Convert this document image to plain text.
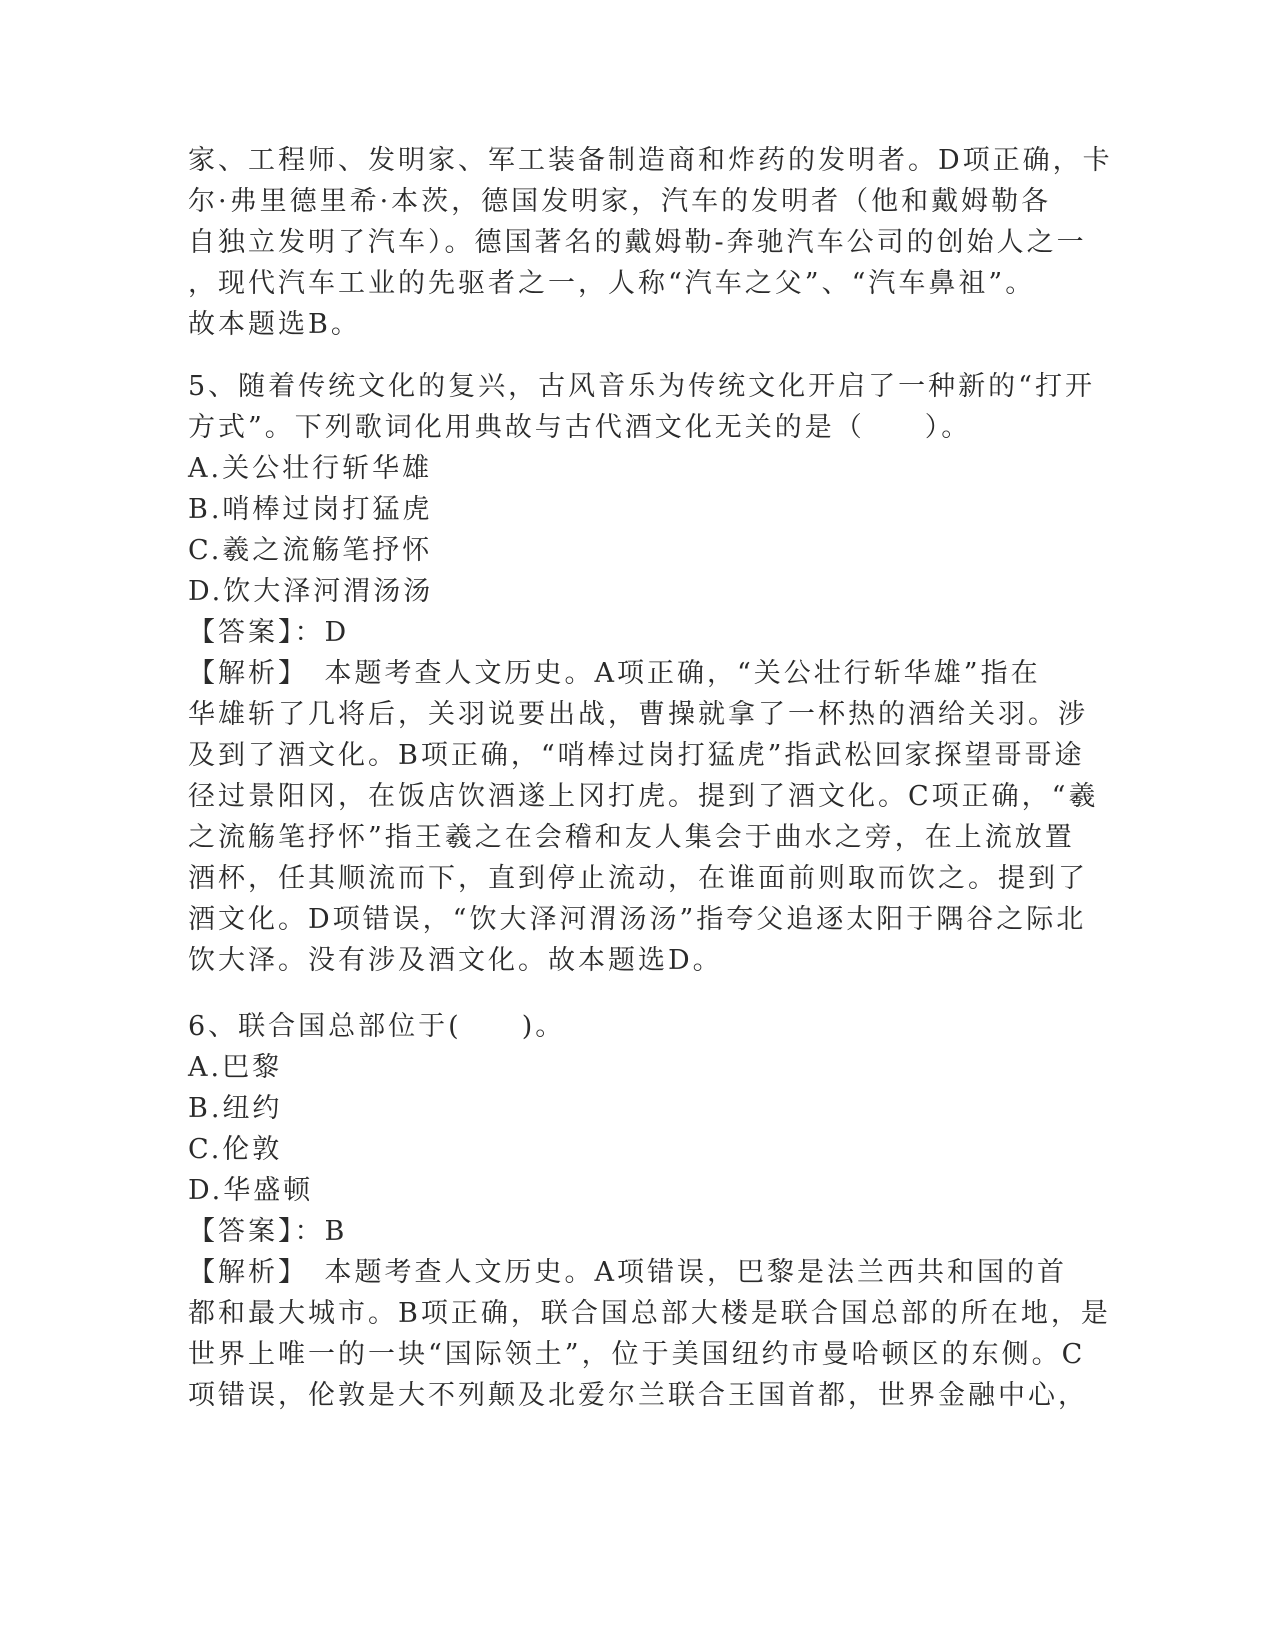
家、工程师、发明家、军工装备制造商和炸药的发明者。D项正确，卡
尔·弗里德里希·本茨，德国发明家，汽车的发明者（他和戴姆勒各
自独立发明了汽车）。德国著名的戴姆勒-奔驰汽车公司的创始人之一
，现代汽车工业的先驱者之一，人称“汽车之父”、“汽车鼻祖”。
故本题选B。
5、随着传统文化的复兴，古风音乐为传统文化开启了一种新的“打开
方式”。下列歌词化用典故与古代酒文化无关的是（　　）。
A.关公壮行斩华雄
B.哨棒过岗打猛虎
C.羲之流觞笔抒怀
D.饮大泽河渭汤汤
【答案】：D
【解析】　本题考查人文历史。A项正确，“关公壮行斩华雄”指在
华雄斩了几将后，关羽说要出战，曹操就拿了一杯热的酒给关羽。涉
及到了酒文化。B项正确，“哨棒过岗打猛虎”指武松回家探望哥哥途
径过景阳冈，在饭店饮酒遂上冈打虎。提到了酒文化。C项正确，“羲
之流觞笔抒怀”指王羲之在会稽和友人集会于曲水之旁，在上流放置
酒杯，任其顺流而下，直到停止流动，在谁面前则取而饮之。提到了
酒文化。D项错误，“饮大泽河渭汤汤”指夸父追逐太阳于隅谷之际北
饮大泽。没有涉及酒文化。故本题选D。
6、联合国总部位于(　　)。
A.巴黎
B.纽约
C.伦敦
D.华盛顿
【答案】：B
【解析】　本题考查人文历史。A项错误，巴黎是法兰西共和国的首
都和最大城市。B项正确，联合国总部大楼是联合国总部的所在地，是
世界上唯一的一块“国际领土”，位于美国纽约市曼哈顿区的东侧。C
项错误，伦敦是大不列颠及北爱尔兰联合王国首都，世界金融中心，
